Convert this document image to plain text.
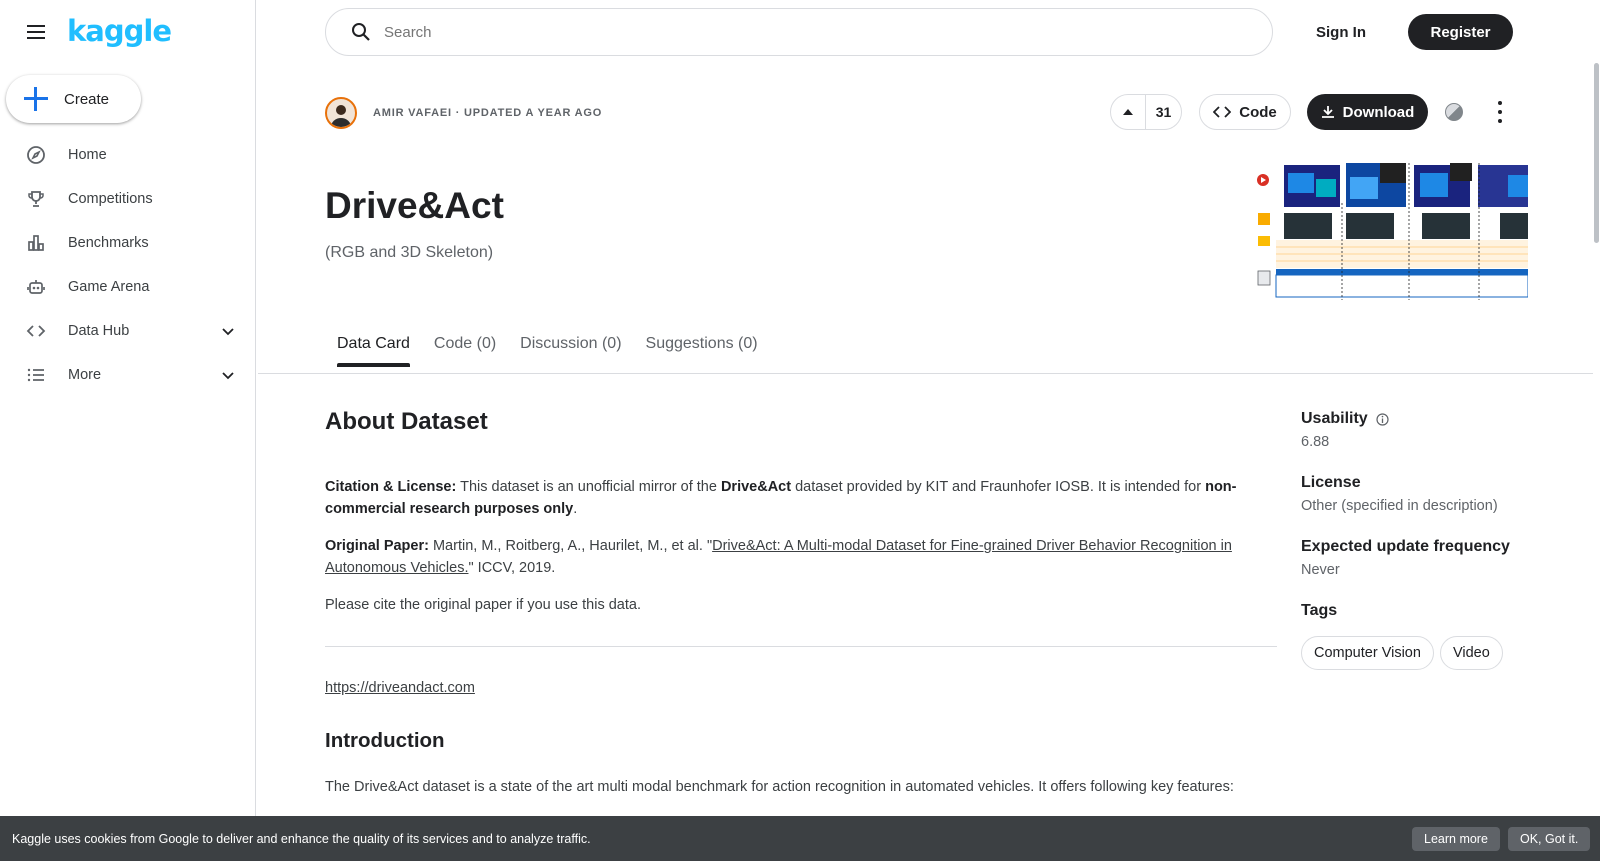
kaggle
Create
Home
Competitions
Benchmarks
Game Arena
Data Hub
More
Search
Sign In	Register
AMIR VAFAEI · UPDATED A YEAR AGO	31	Code	Download
Drive&Act
(RGB and 3D Skeleton)
Data Card Code (0) Discussion (0) Suggestions (0)
About Dataset

Citation & License: This dataset is an unofficial mirror of the Drive&Act dataset provided by KIT and Fraunhofer IOSB. It is intended for non-commercial research purposes only.

Original Paper: Martin, M., Roitberg, A., Haurilet, M., et al. "Drive&Act: A Multi-modal Dataset for Fine-grained Driver Behavior Recognition in Autonomous Vehicles." ICCV, 2019.

Please cite the original paper if you use this data.

https://driveandact.com

Introduction

The Drive&Act dataset is a state of the art multi modal benchmark for action recognition in automated vehicles. It offers following key features:

Usability
6.88
License
Other (specified in description)
Expected update frequency
Never
Tags
Computer Vision Video
Kaggle uses cookies from Google to deliver and enhance the quality of its services and to analyze traffic.	Learn more	OK, Got it.
